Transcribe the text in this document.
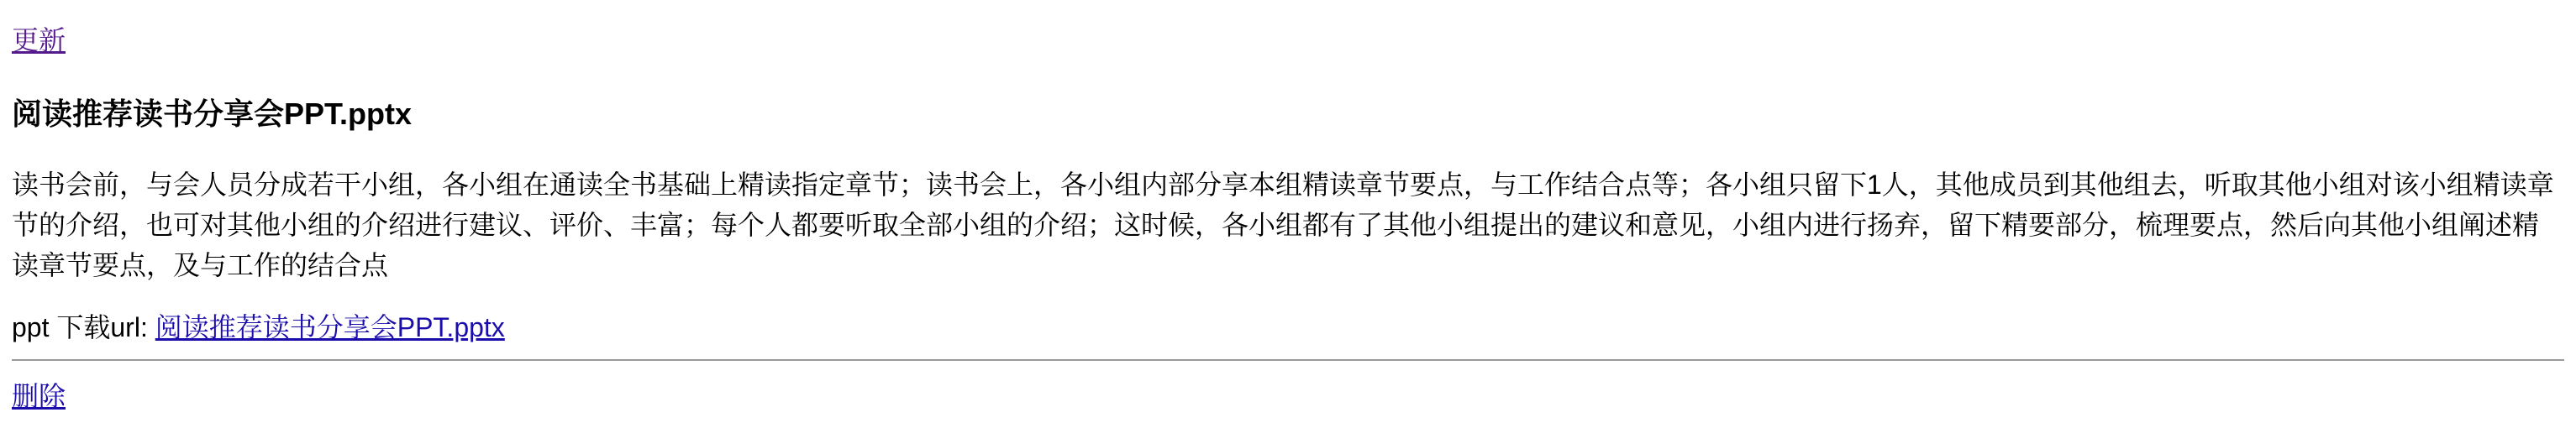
更新
阅读推荐读书分享会PPT.pptx

读书会前，与会人员分成若干小组，各小组在通读全书基础上精读指定章节；读书会上，各小组内部分享本组精读章节要点，与工作结合点等；各小组只留下1人，其他成员到其他组去，听取其他小组对该小组精读章节的介绍，也可对其他小组的介绍进行建议、评价、丰富；每个人都要听取全部小组的介绍；这时候，各小组都有了其他小组提出的建议和意见，小组内进行扬弃，留下精要部分，梳理要点，然后向其他小组阐述精读章节要点，及与工作的结合点

ppt 下载url: 阅读推荐读书分享会PPT.pptx
删除
